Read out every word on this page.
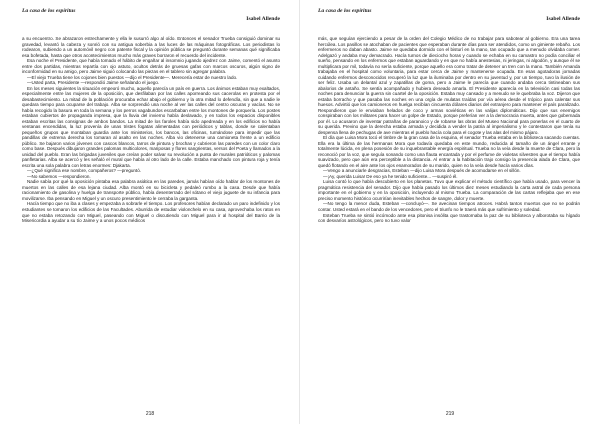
La casa de los espíritus
Isabel Allende

a su encuentro. Se abrazaron estrechamente y ella le susurró algo al oído. Entonces el senador Trueba consiguió dominar su gravedad, levantó la cabeza y sonrió con su antigua soberbia a las luces de las máquinas fotográficas. Los periodistas lo rodearon, subiendo a un automóvil negro con patente fiscal y la opinión pública se preguntó durante semanas qué significaba esa bofetada, hasta que otros acontecimientos mucho más graves borraron el recuerdo del incidente.

Esa noche el Presidente, que había tomado el hábito de engañar al insomnio jugando ajedrez con Jaime, comentó el asunto entre dos partidas, mientras repartía con ojo astuto, ocultos detrás de gruesas gafas con marcos oscuros, algún signo de inconformidad en su amigo, pero Jaime siguió colocando las piezas en el tablero sin agregar palabra.

—El viejo Trueba tiene los cojones bien puestos —dijo el Presidente—. Merecería estar de nuestro lado.

—Usted parta, Presidente —respondió Jaime señalando el juego.

En los meses siguientes la situación empeoró mucho, aquello parecía un país en guerra. Los ánimos estaban muy exaltados, especialmente entre las mujeres de la oposición, que desfilaban por las calles aporreando sus cacerolas en protesta por el desabastecimiento. La mitad de la población procuraba echar abajo el gobierno y la otra mitad lo defendía, sin que a nadie le quedara tiempo para ocuparse del trabajo. Alba se sorprendió una noche al ver las calles del centro oscuras y vacías. No se había recogido la basura en toda la semana y los perros vagabundos escarbaban entre los montones de porquería. Los postes estaban cubiertos de propaganda impresa, que la lluvia del invierno había deslavado, y en todos los espacios disponibles estaban escritas las consignas de ambos bandos. La mitad de los faroles había sido apedreada y en los edificios no había ventanas encendidas, la luz provenía de unas tristes fogatas alimentadas con periódicos y tablas, donde se calentaban pequeños grupos que montaban guardia ante los ministerios, los bancos, las oficinas, turnándose para impedir que las pandillas de extrema derecha los tomaran al asalto en las noches. Alba vio detenerse una camioneta frente a un edificio público. Se bajaron varios jóvenes con cascos blancos, tarros de pintura y brochas y cubrieron las paredes con un color claro como base. Después dibujaron grandes palomas multicolores, mariposas y flores sangrientas, versos del Poeta y llamados a la unidad del pueblo. Eran las brigadas juveniles que creían poder salvar su revolución a punta de murales patrióticos y palomas panfletarias. Alba se acercó y les señaló el mural que había al otro lado de la calle. Estaba manchado con pintura roja y tenía escrita una sola palabra con letras enormes: Djakarta.

—¿Qué significa ese nombre, compañeros? —preguntó.

—No sabemos —respondieron.

Nadie sabía por qué la oposición pintaba esa palabra asiática en las paredes, jamás habían oído hablar de los montones de muertos en las calles de esa lejana ciudad. Alba montó en su bicicleta y pedaleó rumbo a la casa. Desde que había racionamiento de gasolina y huelga de transporte público, había desenterrado del sótano el viejo juguete de su infancia para movilizarse. Iba pensando en Miguel y un oscuro presentimiento le cerraba la garganta.

Hacía tiempo que no iba a clases y empezaba a sobrarle el tiempo. Los profesores habían declarado un paro indefinido y los estudiantes se tomaron los edificios de las Facultades. Aburrida de estudiar violonchelo en su casa, aprovechaba los ratos en que no estaba retozando con Miguel, paseando con Miguel o discutiendo con Miguel para ir al hospital del Barrio de la Misericordia a ayudar a su tío Jaime y a unos pocos médicos

218
La casa de los espíritus
Isabel Allende

más, que seguían ejerciendo a pesar de la orden del Colegio Médico de no trabajar para sabotear al gobierno. Era una tarea hercúlea. Los pasillos se atochaban de pacientes que esperaban durante días para ser atendidos, como un gimiente rebaño. Los enfermeros no daban abasto. Jaime se quedaba dormido con el bisturí en la mano, tan ocupado que a menudo olvidaba comer. Adelgazó y andaba muy demacrado. Hacía turnos de dieciocho horas y cuando se echaba en su camastro no podía conciliar el sueño, pensando en los enfermos que estaban aguardando y en que no había anestesias, ni jeringas, ni algodón, y aunque él se multiplicara por mil, todavía no sería suficiente, porque aquello era como tratar de detener un tren con la mano. También Amanda trabajaba en el hospital como voluntaria, para estar cerca de Jaime y mantenerse ocupada. En esas agotadoras jornadas cuidando enfermos desconocidos recuperó la luz que la iluminaba por dentro en su juventud y, por un tiempo, tuvo la ilusión de ser feliz. Usaba un delantal azul y zapatillas de goma, pero a Jaime le parecía que cuando andaba cerca tintineaban sus abalorios de antaño. Se sentía acompañado y hubiera deseado amarla. El Presidente aparecía en la televisión casi todas las noches para denunciar la guerra sin cuartel de la oposición. Estaba muy cansado y a menudo se le quebraba la voz. Dijeron que estaba borracho y que pasaba las noches en una orgía de mulatas traídas por vía aérea desde el trópico para calentar sus huesos. Advirtió que los camioneros en huelga recibían cincuenta dólares diarios del extranjero para mantener el país paralizado. Respondieron que le enviaban helados de coco y armas soviéticas en las valijas diplomáticas. Dijo que sus enemigos conspiraban con los militares para hacer un golpe de Estado, porque preferían ver a la democracia muerta, antes que gobernada por él. Lo acusaron de inventar patrañas de paranoico y de robarse las obras del Museo Nacional para ponerlas en el cuarto de su querida. Previno que la derecha estaba armada y decidida a vender la patria al imperialismo y le contestaron que tenía su despensa llena de pechugas de ave mientras el pueblo hacía cola para el cogote y las alas del mismo pájaro.

El día que Luisa Mora tocó el timbre de la gran casa de la esquina, el senador Trueba estaba en la biblioteca sacando cuentas. Ella era la última de las hermanas Mora que todavía quedaba en este mundo, reducida al tamaño de un ángel errante y totalmente lúcida, en plena posesión de su inquebrantable energía espiritual. Trueba no la veía desde la muerte de Clara, pero la reconoció por la voz, que seguía sonando como una flauta encantada y por el perfume de violetas silvestres que el tiempo había suavizado, pero que aún era perceptible a la distancia. Al entrar a la habitación trajo consigo la presencia alada de Clara, que quedó flotando en el aire ante los ojos enamorados de su marido, quien no la veía desde hacía varios días.

—Vengo a anunciarle desgracias, Esteban —dijo Luisa Mora después de acomodarse en el sillón.

—¡Ay, querida Luisa! De eso ya he tenido suficiente... —suspiró él.

Luisa contó lo que había descubierto en los planetas. Tuvo que explicar el método científico que había usado, para vencer la pragmática resistencia del senador. Dijo que había pasado los últimos diez meses estudiando la carta astral de cada persona importante en el gobierno y en la oposición, incluyendo al mismo Trueba. La comparación de las cartas reflejaba que en ese preciso momento histórico ocurrirían inevitables hechos de sangre, dolor y muerte.

—No tengo la menor duda, Esteban —concluyó—. Se avecinan tiempos atroces. Habrá tantos muertos que no se podrán contar. Usted estará en el bando de los vencedores, pero el triunfo no le traerá más que sufrimiento y soledad.

Esteban Trueba se sintió incómodo ante esa pitonisa insólita que trastornaba la paz de su biblioteca y alborotaba su hígado con desvaríos astrológicos, pero no tuvo valor

219
